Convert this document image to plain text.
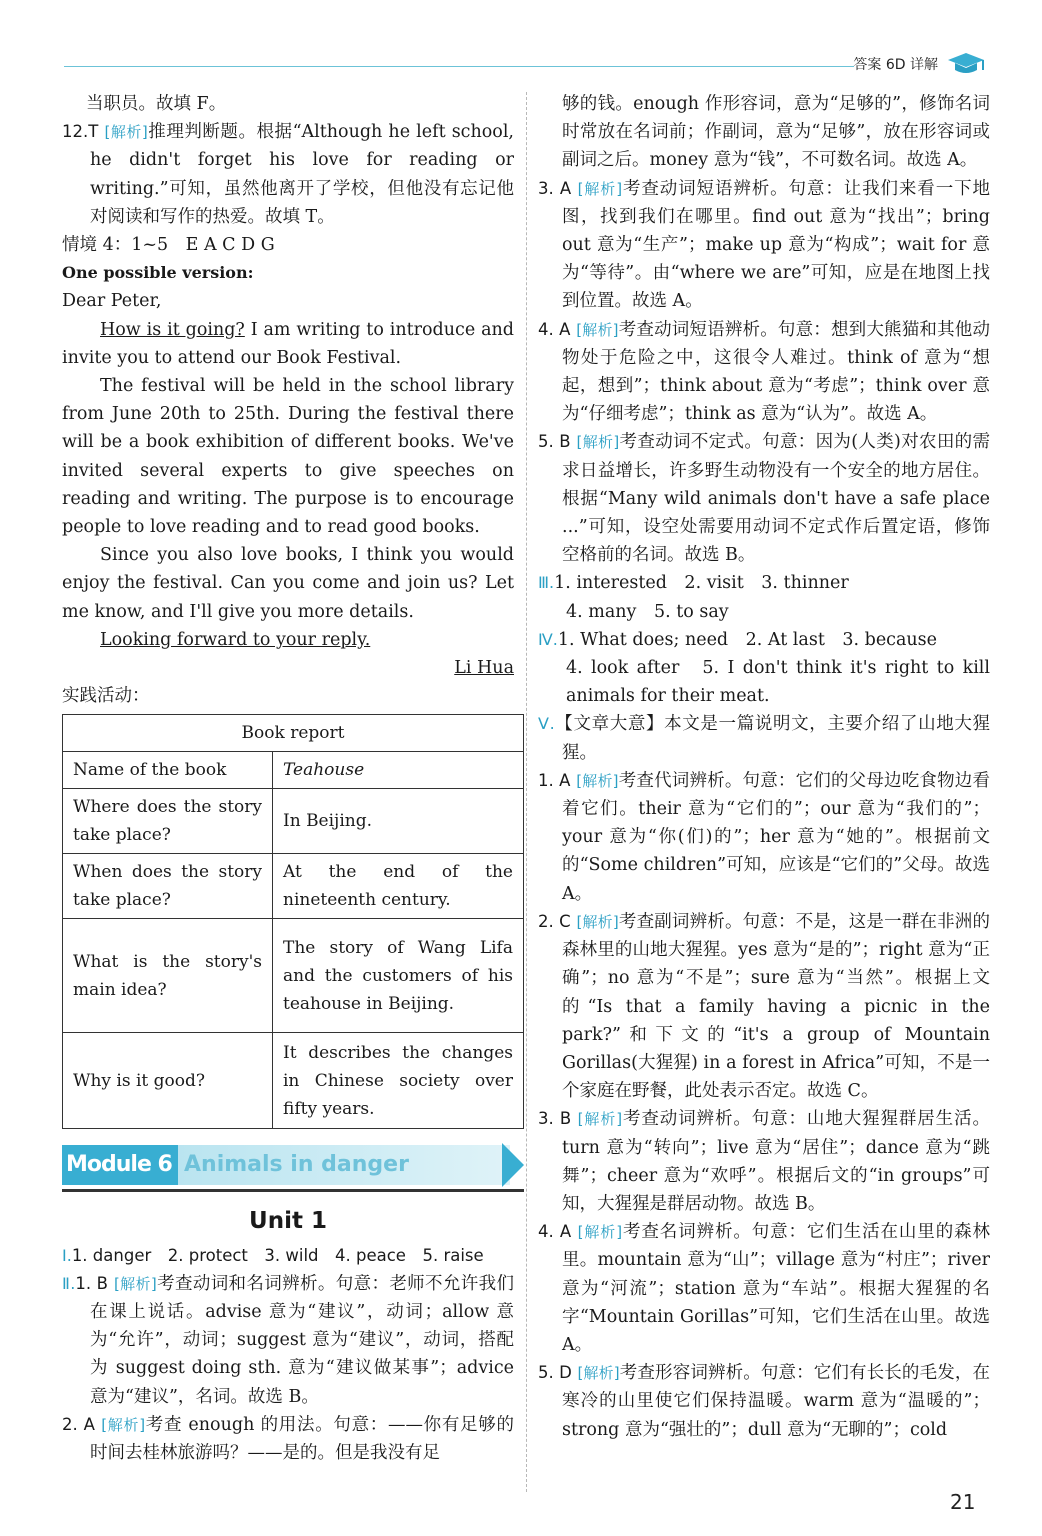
答案 6D 详解

当职员。故填 F。

12.T [解析]推理判断题。根据“Although he left school, he didn't forget his love for reading or writing.”可知，虽然他离开了学校，但他没有忘记他对阅读和写作的热爱。故填 T。

情境 4：1~5　E A C D G

One possible version:

Dear Peter,

How is it going? I am writing to introduce and invite you to attend our Book Festival.

The festival will be held in the school library from June 20th to 25th. During the festival there will be a book exhibition of different books. We've invited several experts to give speeches on reading and writing. The purpose is to encourage people to love reading and to read good books.

Since you also love books, I think you would enjoy the festival. Can you come and join us? Let me know, and I'll give you more details.

Looking forward to your reply.

Li Hua

实践活动：

Book report	
Name of the book	Teahouse
Where does the story take place?	In Beijing.
When does the story take place?	At the end of the nineteenth century.
What is the story's main idea?	The story of Wang Lifa and the customers of his teahouse in Beijing.
Why is it good?	It describes the changes in Chinese society over fifty years.
Animals in danger
Module 6
Unit 1

Ⅰ.1. danger　2. protect　3. wild　4. peace　5. raise

Ⅱ.1. B [解析]考查动词和名词辨析。句意：老师不允许我们在课上说话。advise 意为“建议”，动词；allow 意为“允许”，动词；suggest 意为“建议”，动词，搭配为 suggest doing sth. 意为“建议做某事”；advice 意为“建议”，名词。故选 B。

2. A [解析]考查 enough 的用法。句意：——你有足够的时间去桂林旅游吗？——是的。但是我没有足

够的钱。enough 作形容词，意为“足够的”，修饰名词时常放在名词前；作副词，意为“足够”，放在形容词或副词之后。money 意为“钱”，不可数名词。故选 A。

3. A [解析]考查动词短语辨析。句意：让我们来看一下地图，找到我们在哪里。find out 意为“找出”；bring out 意为“生产”；make up 意为“构成”；wait for 意为“等待”。由“where we are”可知，应是在地图上找到位置。故选 A。

4. A [解析]考查动词短语辨析。句意：想到大熊猫和其他动物处于危险之中，这很令人难过。think of 意为“想起，想到”；think about 意为“考虑”；think over 意为“仔细考虑”；think as 意为“认为”。故选 A。

5. B [解析]考查动词不定式。句意：因为(人类)对农田的需求日益增长，许多野生动物没有一个安全的地方居住。根据“Many wild animals don't have a safe place ...”可知，设空处需要用动词不定式作后置定语，修饰空格前的名词。故选 B。

Ⅲ.1. interested　2. visit　3. thinner

4. many　5. to say

Ⅳ.1. What does; need　2. At last　3. because

4. look after　5. I don't think it's right to kill animals for their meat.

Ⅴ.【文章大意】本文是一篇说明文，主要介绍了山地大猩猩。

1. A [解析]考查代词辨析。句意：它们的父母边吃食物边看着它们。their 意为“它们的”；our 意为“我们的”；your 意为“你(们)的”；her 意为“她的”。根据前文的“Some children”可知，应该是“它们的”父母。故选 A。

2. C [解析]考查副词辨析。句意：不是，这是一群在非洲的森林里的山地大猩猩。yes 意为“是的”；right 意为“正确”；no 意为“不是”；sure 意为“当然”。根据上文的“Is that a family having a picnic in the park?”和下文的“it's a group of Mountain Gorillas(大猩猩) in a forest in Africa”可知，不是一个家庭在野餐，此处表示否定。故选 C。

3. B [解析]考查动词辨析。句意：山地大猩猩群居生活。turn 意为“转向”；live 意为“居住”；dance 意为“跳舞”；cheer 意为“欢呼”。根据后文的“in groups”可知，大猩猩是群居动物。故选 B。

4. A [解析]考查名词辨析。句意：它们生活在山里的森林里。mountain 意为“山”；village 意为“村庄”；river 意为“河流”；station 意为“车站”。根据大猩猩的名字“Mountain Gorillas”可知，它们生活在山里。故选 A。

5. D [解析]考查形容词辨析。句意：它们有长长的毛发，在寒冷的山里使它们保持温暖。warm 意为“温暖的”；strong 意为“强壮的”；dull 意为“无聊的”；cold

21
